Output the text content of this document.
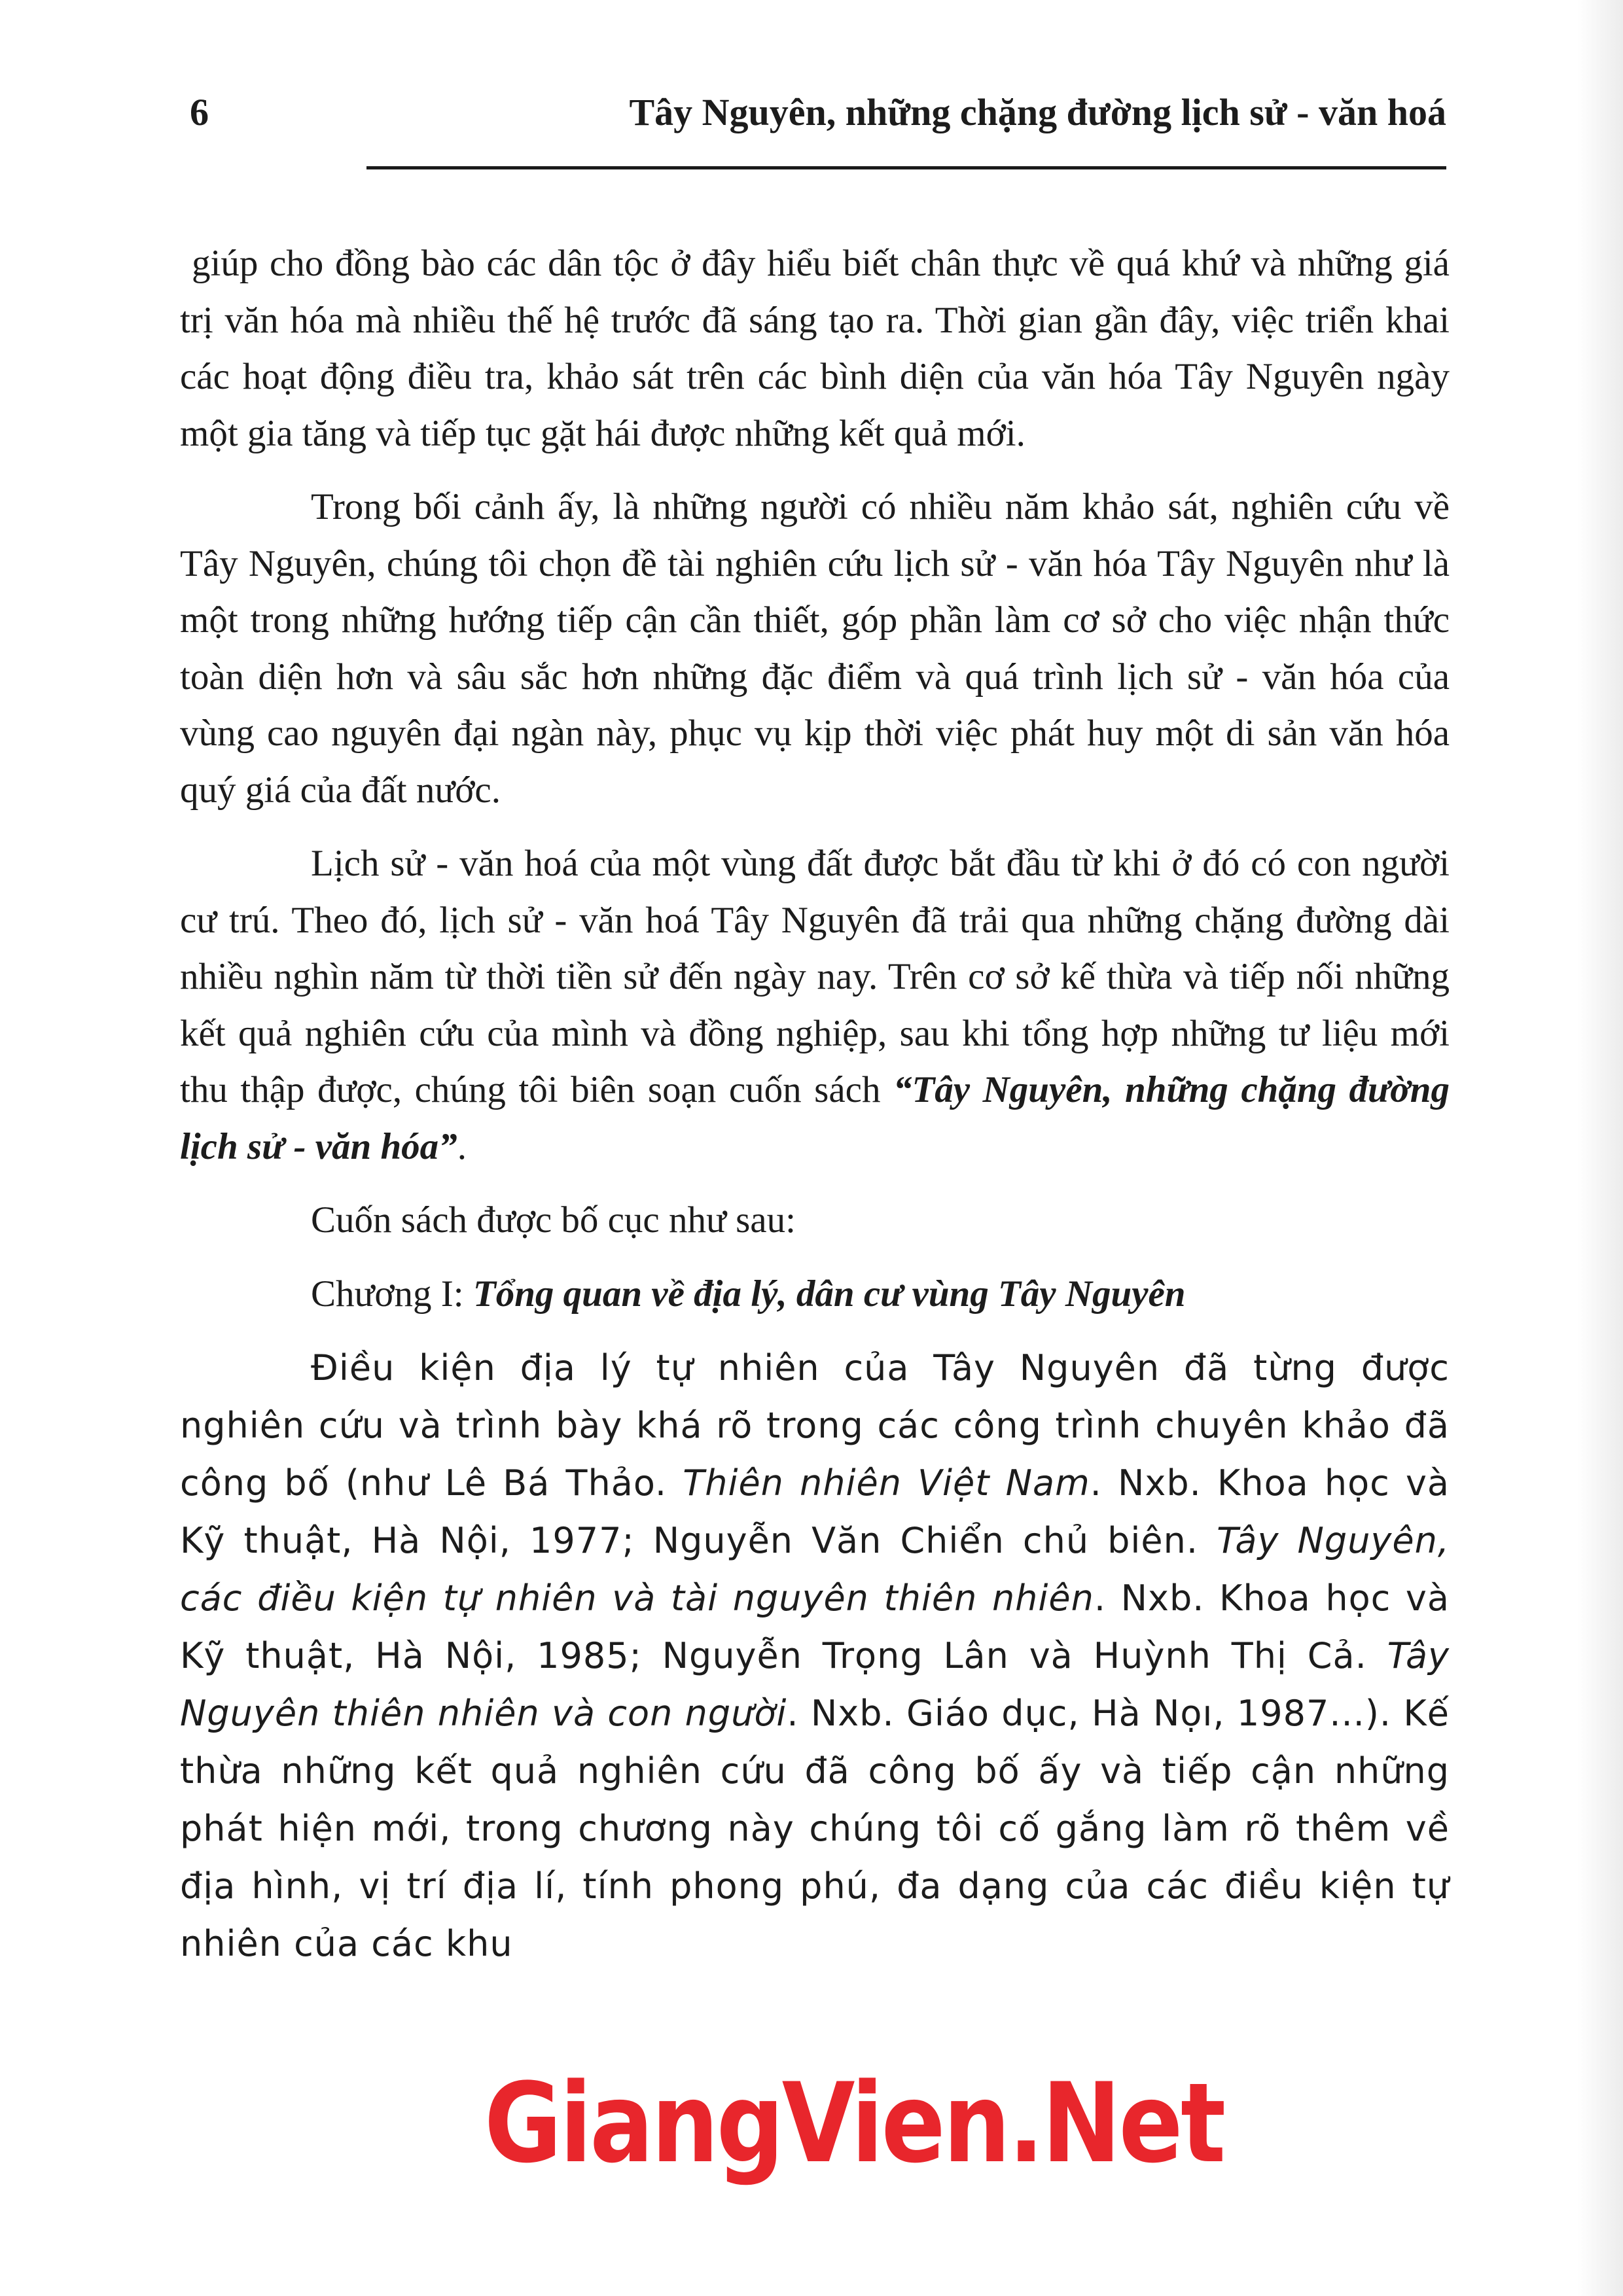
6	Tây Nguyên, những chặng đường lịch sử - văn hoá

giúp cho đồng bào các dân tộc ở đây hiểu biết chân thực về quá khứ và những giá trị văn hóa mà nhiều thế hệ trước đã sáng tạo ra. Thời gian gần đây, việc triển khai các hoạt động điều tra, khảo sát trên các bình diện của văn hóa Tây Nguyên ngày một gia tăng và tiếp tục gặt hái được những kết quả mới.

Trong bối cảnh ấy, là những người có nhiều năm khảo sát, nghiên cứu về Tây Nguyên, chúng tôi chọn đề tài nghiên cứu lịch sử - văn hóa Tây Nguyên như là một trong những hướng tiếp cận cần thiết, góp phần làm cơ sở cho việc nhận thức toàn diện hơn và sâu sắc hơn những đặc điểm và quá trình lịch sử - văn hóa của vùng cao nguyên đại ngàn này, phục vụ kịp thời việc phát huy một di sản văn hóa quý giá của đất nước.

Lịch sử - văn hoá của một vùng đất được bắt đầu từ khi ở đó có con người cư trú. Theo đó, lịch sử - văn hoá Tây Nguyên đã trải qua những chặng đường dài nhiều nghìn năm từ thời tiền sử đến ngày nay. Trên cơ sở kế thừa và tiếp nối những kết quả nghiên cứu của mình và đồng nghiệp, sau khi tổng hợp những tư liệu mới thu thập được, chúng tôi biên soạn cuốn sách “Tây Nguyên, những chặng đường lịch sử - văn hóa”.

Cuốn sách được bố cục như sau:

Chương I: Tổng quan về địa lý, dân cư vùng Tây Nguyên

Điều kiện địa lý tự nhiên của Tây Nguyên đã từng được nghiên cứu và trình bày khá rõ trong các công trình chuyên khảo đã công bố (như Lê Bá Thảo. Thiên nhiên Việt Nam. Nxb. Khoa học và Kỹ thuật, Hà Nội, 1977; Nguyễn Văn Chiển chủ biên. Tây Nguyên, các điều kiện tự nhiên và tài nguyên thiên nhiên. Nxb. Khoa học và Kỹ thuật, Hà Nội, 1985; Nguyễn Trọng Lân và Huỳnh Thị Cả. Tây Nguyên thiên nhiên và con người. Nxb. Giáo dục, Hà Nọı, 1987...). Kế thừa những kết quả nghiên cứu đã công bố ấy và tiếp cận những phát hiện mới, trong chương này chúng tôi cố gắng làm rõ thêm về địa hình, vị trí địa lí, tính phong phú, đa dạng của các điều kiện tự nhiên của các khu

GiangVien.Net
